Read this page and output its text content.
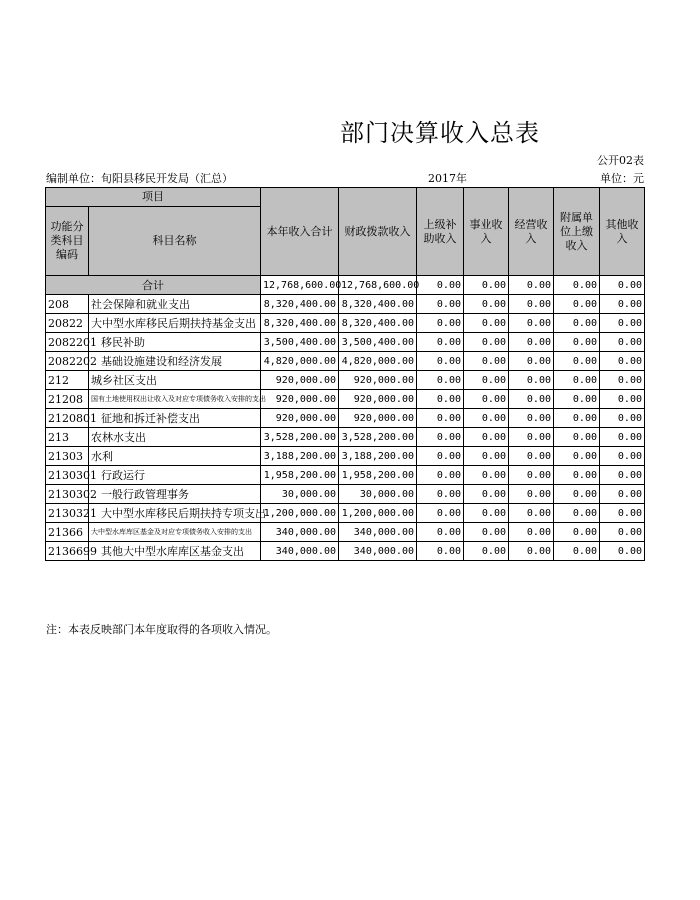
部门决算收入总表
公开02表
编制单位：旬阳县移民开发局（汇总）	2017年	单位：元
项目		本年收入合计	财政拨款收入	上级补助收入	事业收入	经营收入	附属单位上缴收入	其他收入
功能分类科目编码	科目名称							
合计		12,768,600.00	12,768,600.00	0.00	0.00	0.00	0.00	0.00
208	社会保障和就业支出	8,320,400.00	8,320,400.00	0.00	0.00	0.00	0.00	0.00
20822	大中型水库移民后期扶持基金支出	8,320,400.00	8,320,400.00	0.00	0.00	0.00	0.00	0.00
2082201	移民补助	3,500,400.00	3,500,400.00	0.00	0.00	0.00	0.00	0.00
2082202	基础设施建设和经济发展	4,820,000.00	4,820,000.00	0.00	0.00	0.00	0.00	0.00
212	城乡社区支出	920,000.00	920,000.00	0.00	0.00	0.00	0.00	0.00
21208	国有土地使用权出让收入及对应专项债务收入安排的支出	920,000.00	920,000.00	0.00	0.00	0.00	0.00	0.00
2120801	征地和拆迁补偿支出	920,000.00	920,000.00	0.00	0.00	0.00	0.00	0.00
213	农林水支出	3,528,200.00	3,528,200.00	0.00	0.00	0.00	0.00	0.00
21303	水利	3,188,200.00	3,188,200.00	0.00	0.00	0.00	0.00	0.00
2130301	行政运行	1,958,200.00	1,958,200.00	0.00	0.00	0.00	0.00	0.00
2130302	一般行政管理事务	30,000.00	30,000.00	0.00	0.00	0.00	0.00	0.00
2130321	大中型水库移民后期扶持专项支出	1,200,000.00	1,200,000.00	0.00	0.00	0.00	0.00	0.00
21366	大中型水库库区基金及对应专项债务收入安排的支出	340,000.00	340,000.00	0.00	0.00	0.00	0.00	0.00
2136699	其他大中型水库库区基金支出	340,000.00	340,000.00	0.00	0.00	0.00	0.00	0.00
注：本表反映部门本年度取得的各项收入情况。
